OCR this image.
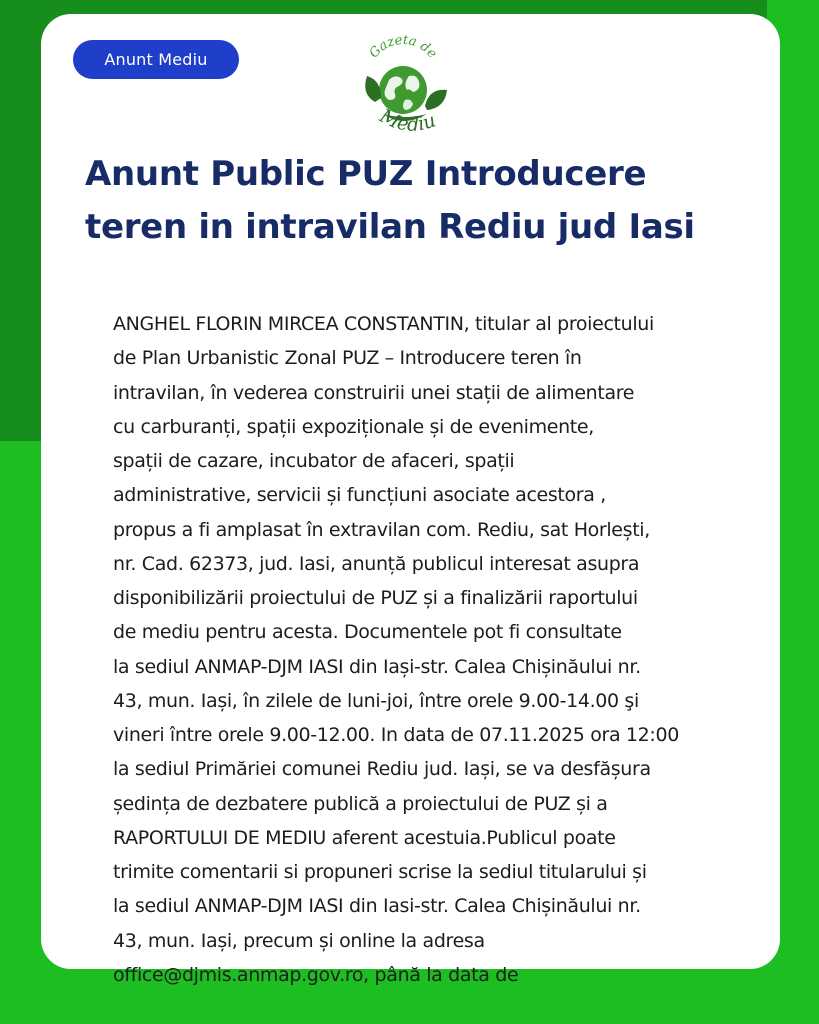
Anunt Mediu	Gazeta de
Mediu
Anunt Public PUZ Introducere
teren in intravilan Rediu jud Iasi
ANGHEL FLORIN MIRCEA CONSTANTIN, titular al proiectului
de Plan Urbanistic Zonal PUZ – Introducere teren în
intravilan, în vederea construirii unei stații de alimentare
cu carburanți, spații expoziționale și de evenimente,
spații de cazare, incubator de afaceri, spații
administrative, servicii și funcțiuni asociate acestora ,
propus a fi amplasat în extravilan com. Rediu, sat Horlești,
nr. Cad. 62373, jud. Iasi, anunță publicul interesat asupra
disponibilizării proiectului de PUZ și a finalizării raportului
de mediu pentru acesta. Documentele pot fi consultate
la sediul ANMAP-DJM IASI din Iași-str. Calea Chișinăului nr.
43, mun. Iași, în zilele de luni-joi, între orele 9.00-14.00 şi
vineri între orele 9.00-12.00. In data de 07.11.2025 ora 12:00
la sediul Primăriei comunei Rediu jud. Iași, se va desfășura
ședința de dezbatere publică a proiectului de PUZ și a
RAPORTULUI DE MEDIU aferent acestuia.Publicul poate
trimite comentarii si propuneri scrise la sediul titularului și
la sediul ANMAP-DJM IASI din Iasi-str. Calea Chișinăului nr.
43, mun. Iași, precum și online la adresa
office@djmis.anmap.gov.ro, până la data de
